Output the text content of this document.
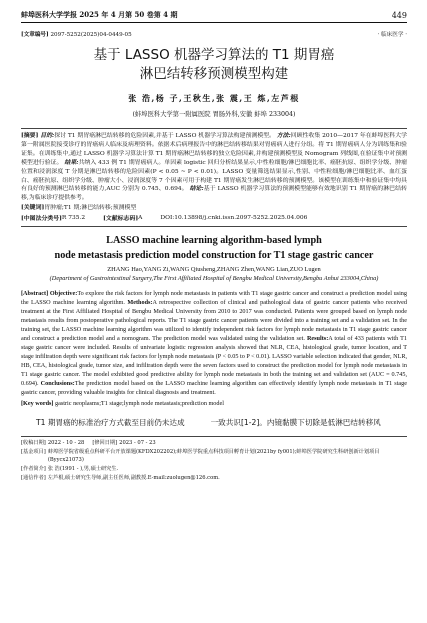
蚌埠医科大学学报 2025 年 4 月第 50 卷第 4 期	449
[文章编号] 2097-5252(2025)04-0449-05	· 临床医学 ·
基于 LASSO 机器学习算法的 T1 期胃癌
淋巴结转移预测模型构建
张 浩,杨 子,王秋生,张 震,王 炼,左芦根
(蚌埠医科大学第一附属医院 胃肠外科,安徽 蚌埠 233004)
[摘要] 目的:探讨 T1 期胃癌淋巴结转移的危险因素,并基于 LASSO 机器学习算法构建预测模型。 方法:回顾性收集 2010—2017 年在蚌埠医科大学第一附属医院接受诊疗的胃癌病人临床及病理资料。依据术后病理报告中的淋巴结转移结果对胃癌病人进行分组。将 T1 期胃癌病人分为训练集和验证集。在训练集中,通过 LASSO 机器学习算法计算 T1 期胃癌淋巴结转移的独立危险因素,并构建预测模型及 Nomogram 列线图,在验证集中对预测模型进行验证。 结果:共纳入 433 例 T1 期胃癌病人。单因素 logistic 回归分析结果显示,中性粒细胞/淋巴细胞比率、癌胚抗原、组织学分级、肿瘤位置和浸润深度 T 分期是淋巴结转移的危险因素(P < 0.05 ~ P < 0.01)。LASSO 变量筛选结果显示,性别、中性粒细胞/淋巴细胞比率、血红蛋白、癌胚抗原、组织学分级、肿瘤大小、浸润深度等 7 个因素可用于构建 T1 期胃癌发生淋巴结转移的预测模型。该模型在训练集中和验证集中均具有良好的预测淋巴结转移的能力,AUC 分别为 0.745、0.694。 结论:基于 LASSO 机器学习算法的预测模型能够有效地识别 T1 期胃癌的淋巴结转移,为临床诊疗提供参考。
[关键词]胃肿瘤;T1 期;淋巴结转移;预测模型
[中图法分类号] R 735.2	[文献标志码] A	DOI:10.13898/j.cnki.issn.2097-5252.2025.04.006
LASSO machine learning algorithm-based lymph
node metastasis prediction model construction for T1 stage gastric cancer
ZHANG Hao,YANG Zi,WANG Qiusheng,ZHANG Zhen,WANG Lian,ZUO Lugen
(Department of Gastrointestinal Surgery,The First Affiliated Hospital of Bengbu Medical University,Bengbu Anhui 233004,China)
[Abstract] Objective:To explore the risk factors for lymph node metastasis in patients with T1 stage gastric cancer and construct a prediction model using the LASSO machine learning algorithm. Methods:A retrospective collection of clinical and pathological data of gastric cancer patients who received treatment at the First Affiliated Hospital of Bengbu Medical University from 2010 to 2017 was conducted. Patients were grouped based on lymph node metastasis results from postoperative pathological reports. The T1 stage gastric cancer patients were divided into a training set and a validation set. In the training set, the LASSO machine learning algorithm was utilized to identify independent risk factors for lymph node metastasis in T1 stage gastric cancer and construct a prediction model and a nomogram. The prediction model was validated using the validation set. Results:A total of 433 patients with T1 stage gastric cancer were included. Results of univariate logistic regression analysis showed that NLR, CEA, histological grade, tumor location, and T stage infiltration depth were significant risk factors for lymph node metastasis (P < 0.05 to P < 0.01). LASSO variable selection indicated that gender, NLR, HB, CEA, histological grade, tumor size, and infiltration depth were the seven factors used to construct the prediction model for lymph node metastasis in T1 stage gastric cancer. The model exhibited good predictive ability for lymph node metastasis in both the training set and validation set (AUC = 0.745, 0.694). Conclusions:The prediction model based on the LASSO machine learning algorithm can effectively identify lymph node metastasis in T1 stage gastric cancer, providing valuable insights for clinical diagnosis and treatment.
[Key words] gastric neoplasms;T1 stage;lymph node metastasis;prediction model
T1 期胃癌的标准治疗方式截至目前仍未达成	一致共识[1-2]。内镜黏膜下切除是低淋巴结转移风
[收稿日期] 2022 - 10 - 28 [修回日期] 2023 - 07 - 23
[基金项目] 蚌埠医学院省级重点科研平台开放课题(KFDX202202);蚌埠医学院重点科技项目孵育计划(2021by fy001);蚌埠医学院研究生科研创新计划项目(Byycx21073)
[作者简介] 张 浩(1991 - ),男,硕士研究生.
[通信作者] 左芦根,硕士研究生导师,副主任医师,副教授.E-mail:zuolugen@126.com.
